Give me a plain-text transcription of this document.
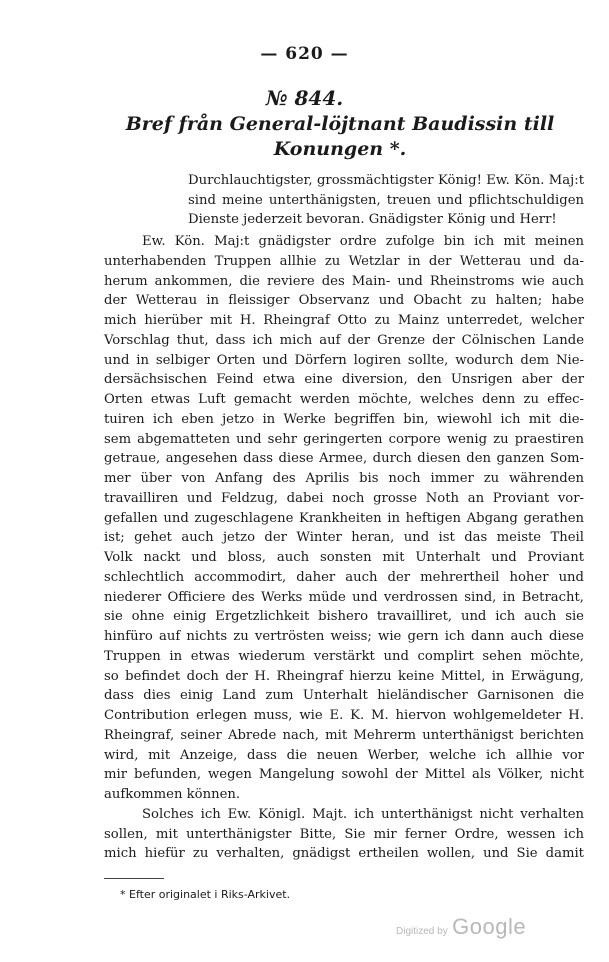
— 620 —
№ 844.
Bref från General-löjtnant Baudissin till Konungen *.

Durchlauchtigster, grossmächtigster König! Ew. Kön. Maj:t sind meine unterthänigsten, treuen und pflichtschuldigen Dienste jederzeit bevoran. Gnädigster König und Herr!

Ew. Kön. Maj:t gnädigster ordre zufolge bin ich mit meinen
unterhabenden Truppen allhie zu Wetzlar in der Wetterau und da-
herum ankommen, die reviere des Main- und Rheinstroms wie auch
der Wetterau in fleissiger Observanz und Obacht zu halten; habe
mich hierüber mit H. Rheingraf Otto zu Mainz unterredet, welcher
Vorschlag thut, dass ich mich auf der Grenze der Cölnischen Lande
und in selbiger Orten und Dörfern logiren sollte, wodurch dem Nie-
dersächsischen Feind etwa eine diversion, den Unsrigen aber der
Orten etwas Luft gemacht werden möchte, welches denn zu effec-
tuiren ich eben jetzo in Werke begriffen bin, wiewohl ich mit die-
sem abgematteten und sehr geringerten corpore wenig zu praestiren
getraue, angesehen dass diese Armee, durch diesen den ganzen Som-
mer über von Anfang des Aprilis bis noch immer zu währenden
travailliren und Feldzug, dabei noch grosse Noth an Proviant vor-
gefallen und zugeschlagene Krankheiten in heftigen Abgang gerathen
ist; gehet auch jetzo der Winter heran, und ist das meiste Theil
Volk nackt und bloss, auch sonsten mit Unterhalt und Proviant
schlechtlich accommodirt, daher auch der mehrertheil hoher und
niederer Officiere des Werks müde und verdrossen sind, in Betracht,
sie ohne einig Ergetzlichkeit bishero travailliret, und ich auch sie
hinfüro auf nichts zu vertrösten weiss; wie gern ich dann auch diese
Truppen in etwas wiederum verstärkt und complirt sehen möchte,
so befindet doch der H. Rheingraf hierzu keine Mittel, in Erwägung,
dass dies einig Land zum Unterhalt hieländischer Garnisonen die
Contribution erlegen muss, wie E. K. M. hiervon wohlgemeldeter H.
Rheingraf, seiner Abrede nach, mit Mehrerm unterthänigst berichten
wird, mit Anzeige, dass die neuen Werber, welche ich allhie vor
mir befunden, wegen Mangelung sowohl der Mittel als Völker, nicht
aufkommen können.
Solches ich Ew. Königl. Majt. ich unterthänigst nicht verhalten
sollen, mit unterthänigster Bitte, Sie mir ferner Ordre, wessen ich
mich hiefür zu verhalten, gnädigst ertheilen wollen, und Sie damit
* Efter originalet i Riks-Arkivet.
Digitized by Google
